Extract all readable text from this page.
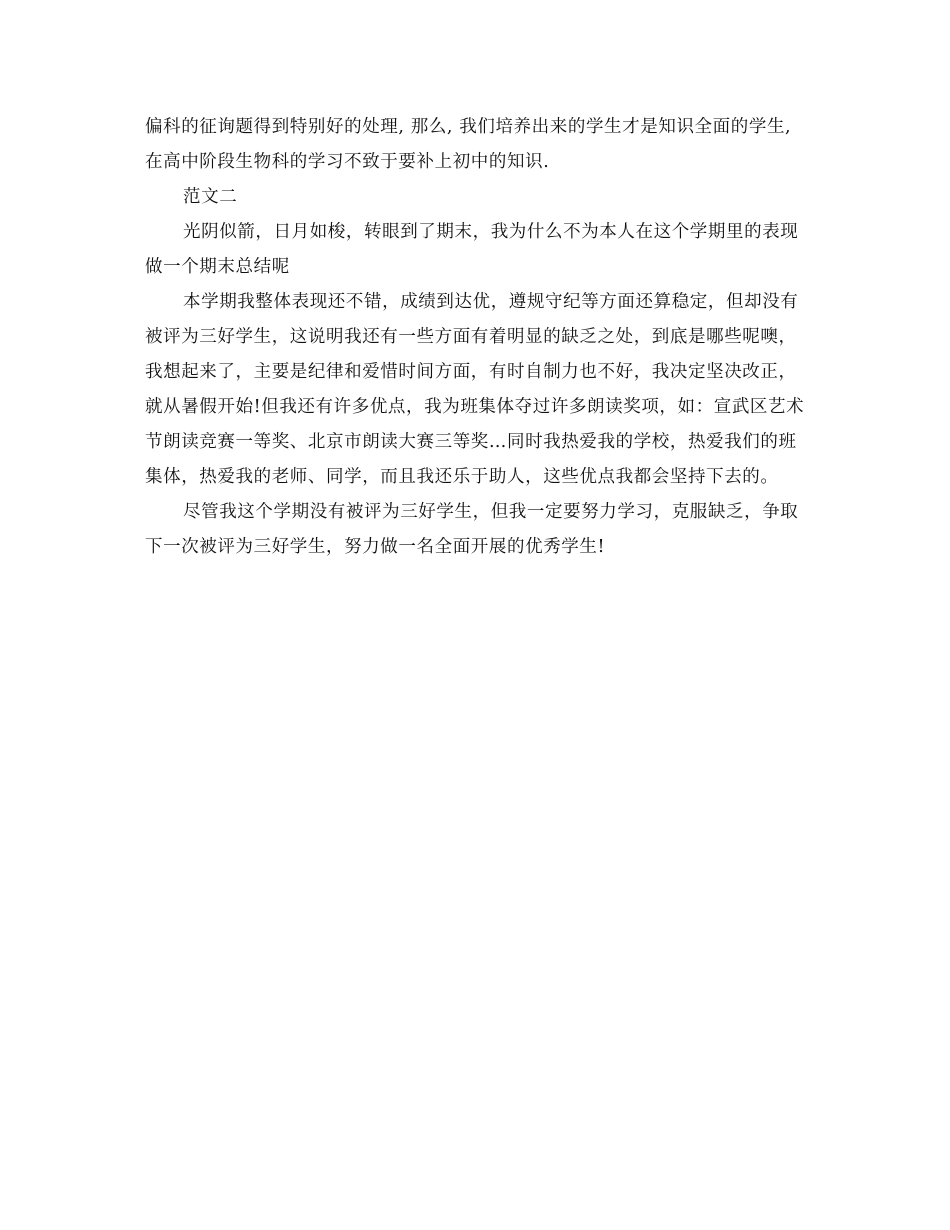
偏科的征询题得到特别好的处理, 那么, 我们培养出来的学生才是知识全面的学生, 在高中阶段生物科的学习不致于要补上初中的知识.

范文二

光阴似箭，日月如梭，转眼到了期末，我为什么不为本人在这个学期里的表现做一个期末总结呢

本学期我整体表现还不错，成绩到达优，遵规守纪等方面还算稳定，但却没有被评为三好学生，这说明我还有一些方面有着明显的缺乏之处，到底是哪些呢噢，我想起来了，主要是纪律和爱惜时间方面，有时自制力也不好，我决定坚决改正，就从暑假开始!但我还有许多优点，我为班集体夺过许多朗读奖项，如：宣武区艺术节朗读竞赛一等奖、北京市朗读大赛三等奖…同时我热爱我的学校，热爱我们的班集体，热爱我的老师、同学，而且我还乐于助人，这些优点我都会坚持下去的。

尽管我这个学期没有被评为三好学生，但我一定要努力学习，克服缺乏，争取下一次被评为三好学生，努力做一名全面开展的优秀学生!
